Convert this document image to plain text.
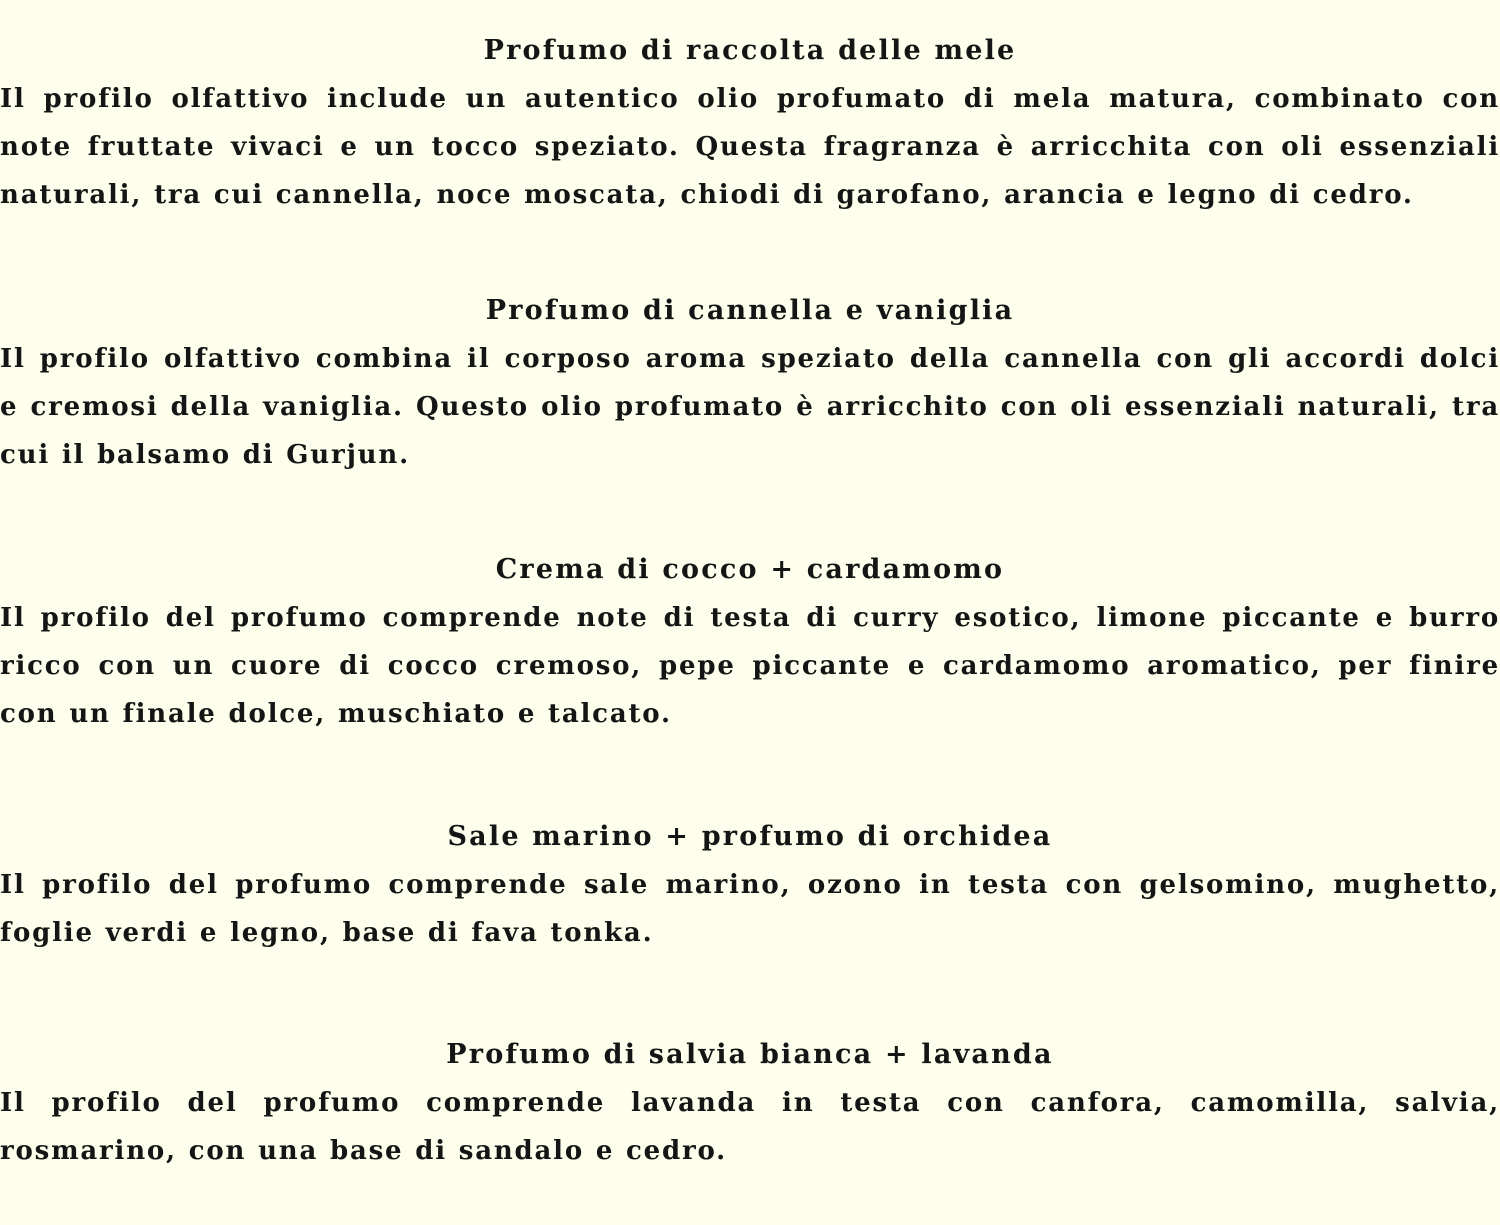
Profumo di raccolta delle mele

Il profilo olfattivo include un autentico olio profumato di mela matura, combinato con note fruttate vivaci e un tocco speziato. Questa fragranza è arricchita con oli essenziali naturali, tra cui cannella, noce moscata, chiodi di garofano, arancia e legno di cedro.

Profumo di cannella e vaniglia

Il profilo olfattivo combina il corposo aroma speziato della cannella con gli accordi dolci e cremosi della vaniglia. Questo olio profumato è arricchito con oli essenziali naturali, tra cui il balsamo di Gurjun.

Crema di cocco + cardamomo

Il profilo del profumo comprende note di testa di curry esotico, limone piccante e burro ricco con un cuore di cocco cremoso, pepe piccante e cardamomo aromatico, per finire con un finale dolce, muschiato e talcato.

Sale marino + profumo di orchidea

Il profilo del profumo comprende sale marino, ozono in testa con gelsomino, mughetto, foglie verdi e legno, base di fava tonka.

Profumo di salvia bianca + lavanda

Il profilo del profumo comprende lavanda in testa con canfora, camomilla, salvia, rosmarino, con una base di sandalo e cedro.
